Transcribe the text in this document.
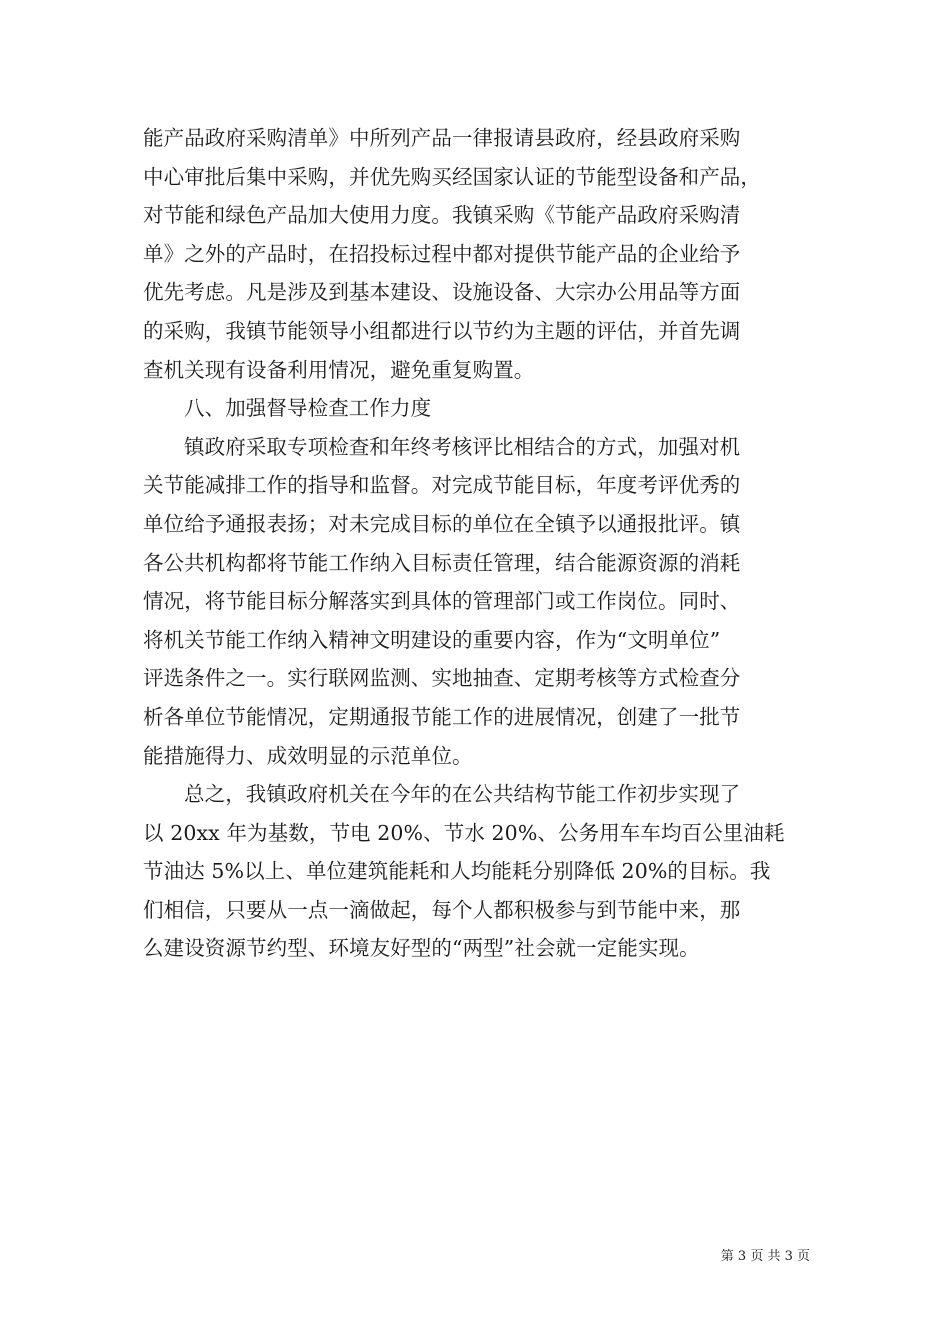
能产品政府采购清单》中所列产品一律报请县政府，经县政府采购
中心审批后集中采购，并优先购买经国家认证的节能型设备和产品，
对节能和绿色产品加大使用力度。我镇采购《节能产品政府采购清
单》之外的产品时，在招投标过程中都对提供节能产品的企业给予
优先考虑。凡是涉及到基本建设、设施设备、大宗办公用品等方面
的采购，我镇节能领导小组都进行以节约为主题的评估，并首先调
查机关现有设备利用情况，避免重复购置。
八、加强督导检查工作力度
镇政府采取专项检查和年终考核评比相结合的方式，加强对机
关节能减排工作的指导和监督。对完成节能目标，年度考评优秀的
单位给予通报表扬；对未完成目标的单位在全镇予以通报批评。镇
各公共机构都将节能工作纳入目标责任管理，结合能源资源的消耗
情况，将节能目标分解落实到具体的管理部门或工作岗位。同时、
将机关节能工作纳入精神文明建设的重要内容，作为“文明单位”
评选条件之一。实行联网监测、实地抽查、定期考核等方式检查分
析各单位节能情况，定期通报节能工作的进展情况，创建了一批节
能措施得力、成效明显的示范单位。
总之，我镇政府机关在今年的在公共结构节能工作初步实现了
以 20xx 年为基数，节电 20%、节水 20%、公务用车车均百公里油耗
节油达 5%以上、单位建筑能耗和人均能耗分别降低 20%的目标。我
们相信，只要从一点一滴做起，每个人都积极参与到节能中来，那
么建设资源节约型、环境友好型的“两型”社会就一定能实现。
第 3 页 共 3 页
